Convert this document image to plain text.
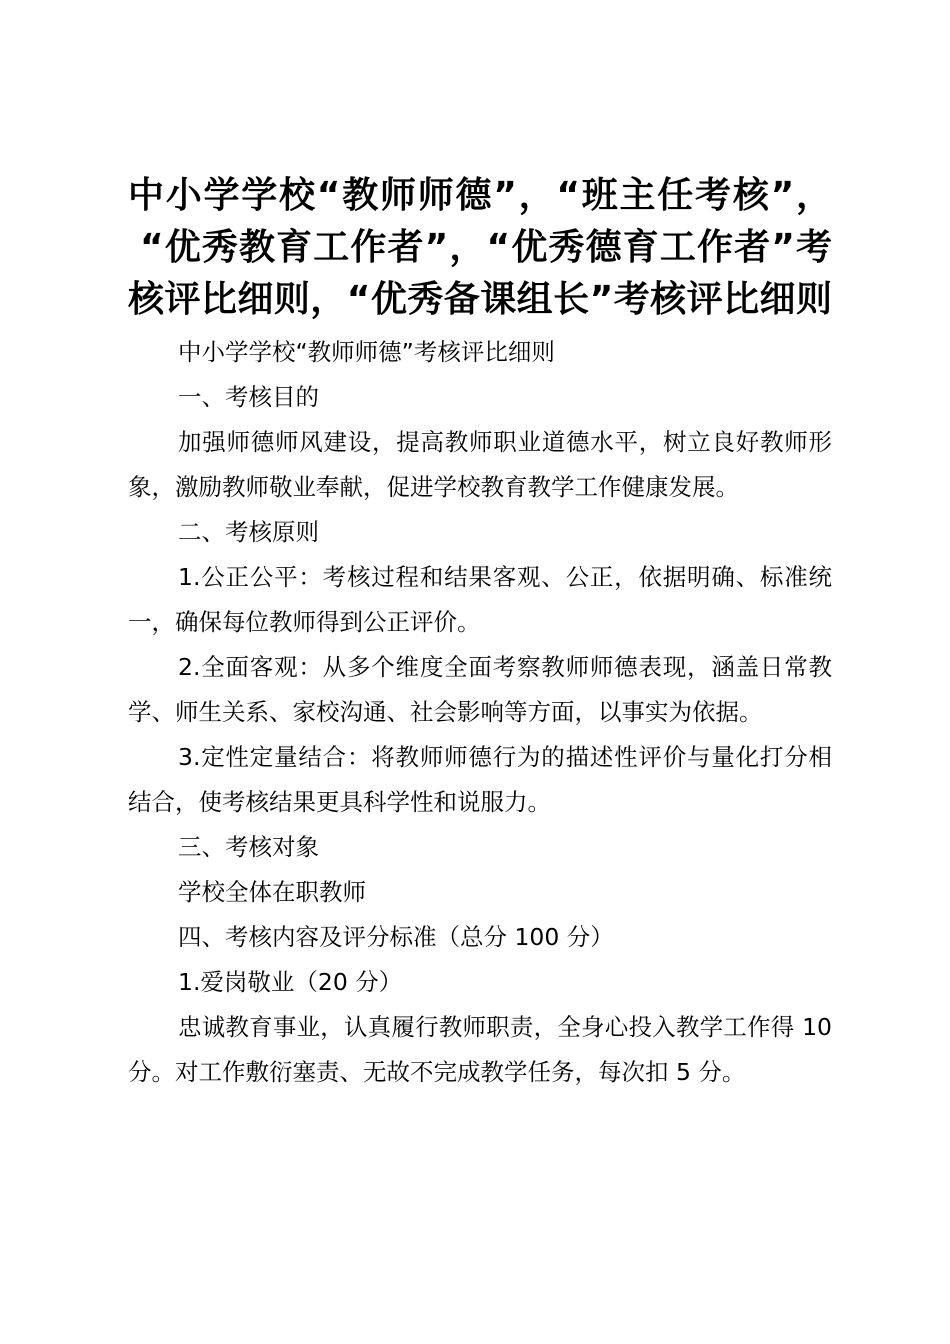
中小学学校“教师师德”，“班主任考核”，
“优秀教育工作者”，“优秀德育工作者”考
核评比细则，“优秀备课组长”考核评比细则

中小学学校“教师师德”考核评比细则

一、考核目的

加强师德师风建设，提高教师职业道德水平，树立良好教师形象，激励教师敬业奉献，促进学校教育教学工作健康发展。

二、考核原则

1.公正公平：考核过程和结果客观、公正，依据明确、标准统一，确保每位教师得到公正评价。

2.全面客观：从多个维度全面考察教师师德表现，涵盖日常教学、师生关系、家校沟通、社会影响等方面，以事实为依据。

3.定性定量结合：将教师师德行为的描述性评价与量化打分相结合，使考核结果更具科学性和说服力。

三、考核对象

学校全体在职教师

四、考核内容及评分标准（总分 100 分）

1.爱岗敬业（20 分）

忠诚教育事业，认真履行教师职责，全身心投入教学工作得 10 分。对工作敷衍塞责、无故不完成教学任务，每次扣 5 分。
